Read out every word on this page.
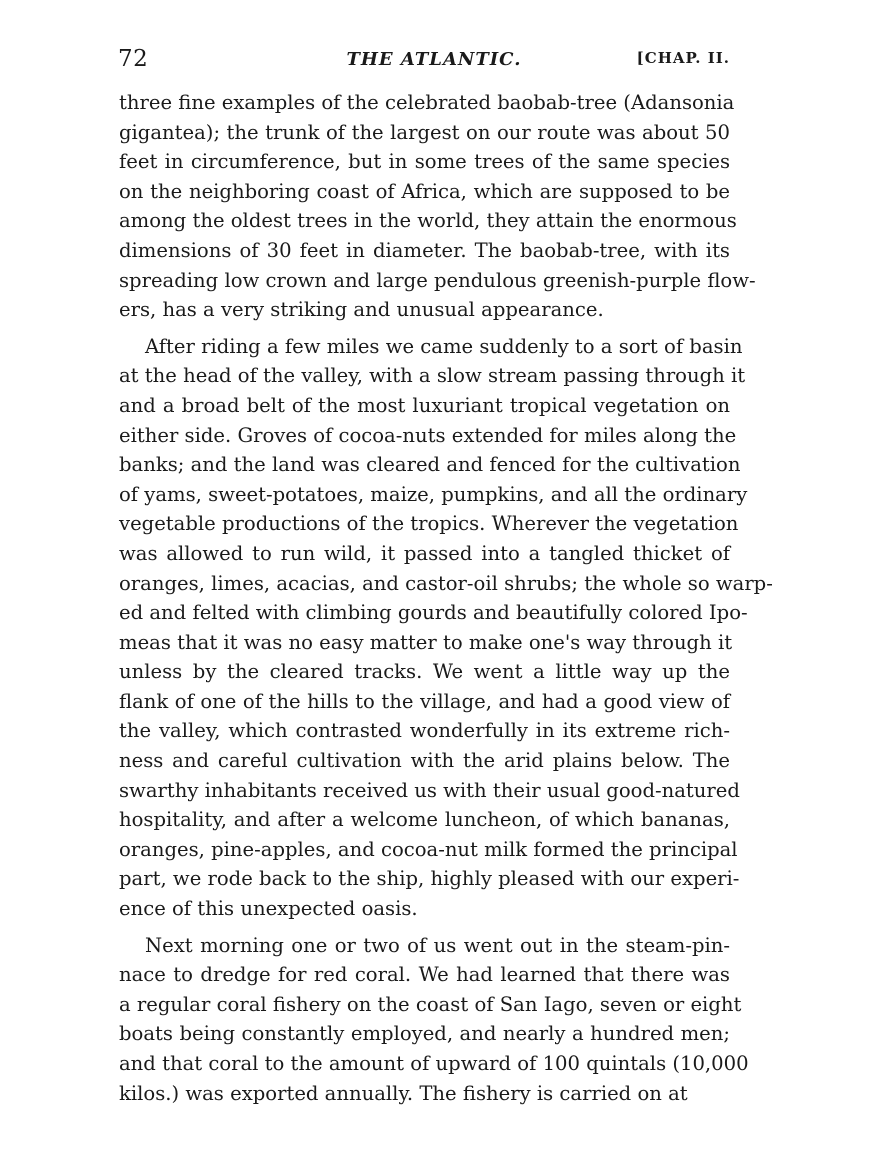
72	THE ATLANTIC.	[CHAP. II.
three fine examples of the celebrated baobab-tree (Adansonia
gigantea); the trunk of the largest on our route was about 50
feet in circumference, but in some trees of the same species
on the neighboring coast of Africa, which are supposed to be
among the oldest trees in the world, they attain the enormous
dimensions of 30 feet in diameter. The baobab-tree, with its
spreading low crown and large pendulous greenish-purple flow-
ers, has a very striking and unusual appearance.
After riding a few miles we came suddenly to a sort of basin
at the head of the valley, with a slow stream passing through it
and a broad belt of the most luxuriant tropical vegetation on
either side. Groves of cocoa-nuts extended for miles along the
banks; and the land was cleared and fenced for the cultivation
of yams, sweet-potatoes, maize, pumpkins, and all the ordinary
vegetable productions of the tropics. Wherever the vegetation
was allowed to run wild, it passed into a tangled thicket of
oranges, limes, acacias, and castor-oil shrubs; the whole so warp-
ed and felted with climbing gourds and beautifully colored Ipo-
meas that it was no easy matter to make one's way through it
unless by the cleared tracks. We went a little way up the
flank of one of the hills to the village, and had a good view of
the valley, which contrasted wonderfully in its extreme rich-
ness and careful cultivation with the arid plains below. The
swarthy inhabitants received us with their usual good-natured
hospitality, and after a welcome luncheon, of which bananas,
oranges, pine-apples, and cocoa-nut milk formed the principal
part, we rode back to the ship, highly pleased with our experi-
ence of this unexpected oasis.
Next morning one or two of us went out in the steam-pin-
nace to dredge for red coral. We had learned that there was
a regular coral fishery on the coast of San Iago, seven or eight
boats being constantly employed, and nearly a hundred men;
and that coral to the amount of upward of 100 quintals (10,000
kilos.) was exported annually. The fishery is carried on at
